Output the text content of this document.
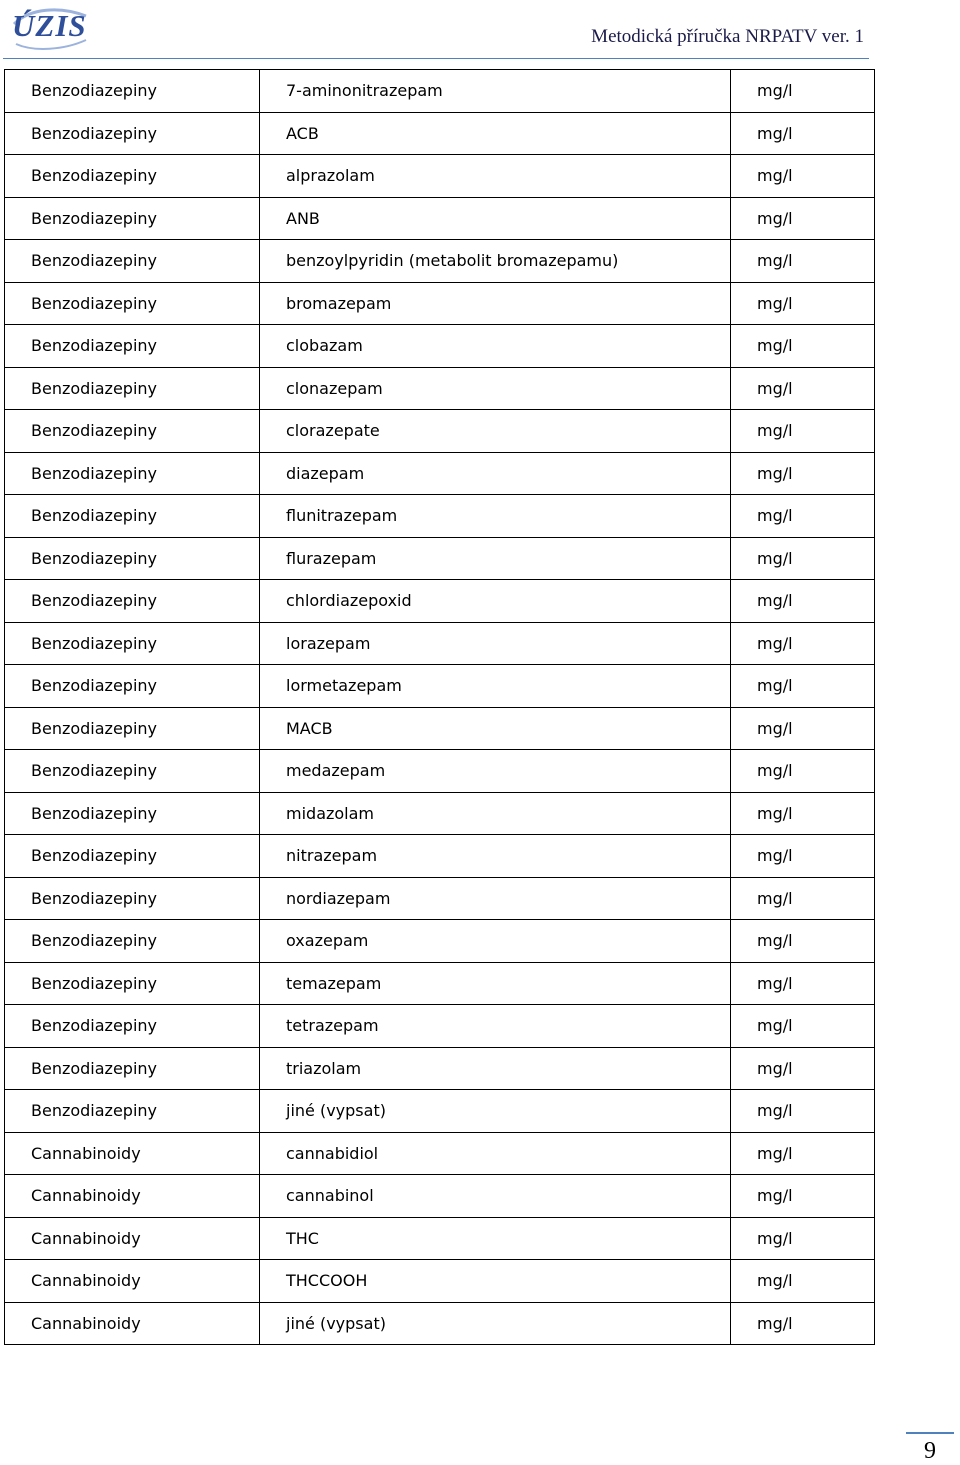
ÚZIS	Metodická příručka NRPATV ver. 1
Benzodiazepiny	7-aminonitrazepam	mg/l
Benzodiazepiny	ACB	mg/l
Benzodiazepiny	alprazolam	mg/l
Benzodiazepiny	ANB	mg/l
Benzodiazepiny	benzoylpyridin (metabolit bromazepamu)	mg/l
Benzodiazepiny	bromazepam	mg/l
Benzodiazepiny	clobazam	mg/l
Benzodiazepiny	clonazepam	mg/l
Benzodiazepiny	clorazepate	mg/l
Benzodiazepiny	diazepam	mg/l
Benzodiazepiny	flunitrazepam	mg/l
Benzodiazepiny	flurazepam	mg/l
Benzodiazepiny	chlordiazepoxid	mg/l
Benzodiazepiny	lorazepam	mg/l
Benzodiazepiny	lormetazepam	mg/l
Benzodiazepiny	MACB	mg/l
Benzodiazepiny	medazepam	mg/l
Benzodiazepiny	midazolam	mg/l
Benzodiazepiny	nitrazepam	mg/l
Benzodiazepiny	nordiazepam	mg/l
Benzodiazepiny	oxazepam	mg/l
Benzodiazepiny	temazepam	mg/l
Benzodiazepiny	tetrazepam	mg/l
Benzodiazepiny	triazolam	mg/l
Benzodiazepiny	jiné (vypsat)	mg/l
Cannabinoidy	cannabidiol	mg/l
Cannabinoidy	cannabinol	mg/l
Cannabinoidy	THC	mg/l
Cannabinoidy	THCCOOH	mg/l
Cannabinoidy	jiné (vypsat)	mg/l
9
